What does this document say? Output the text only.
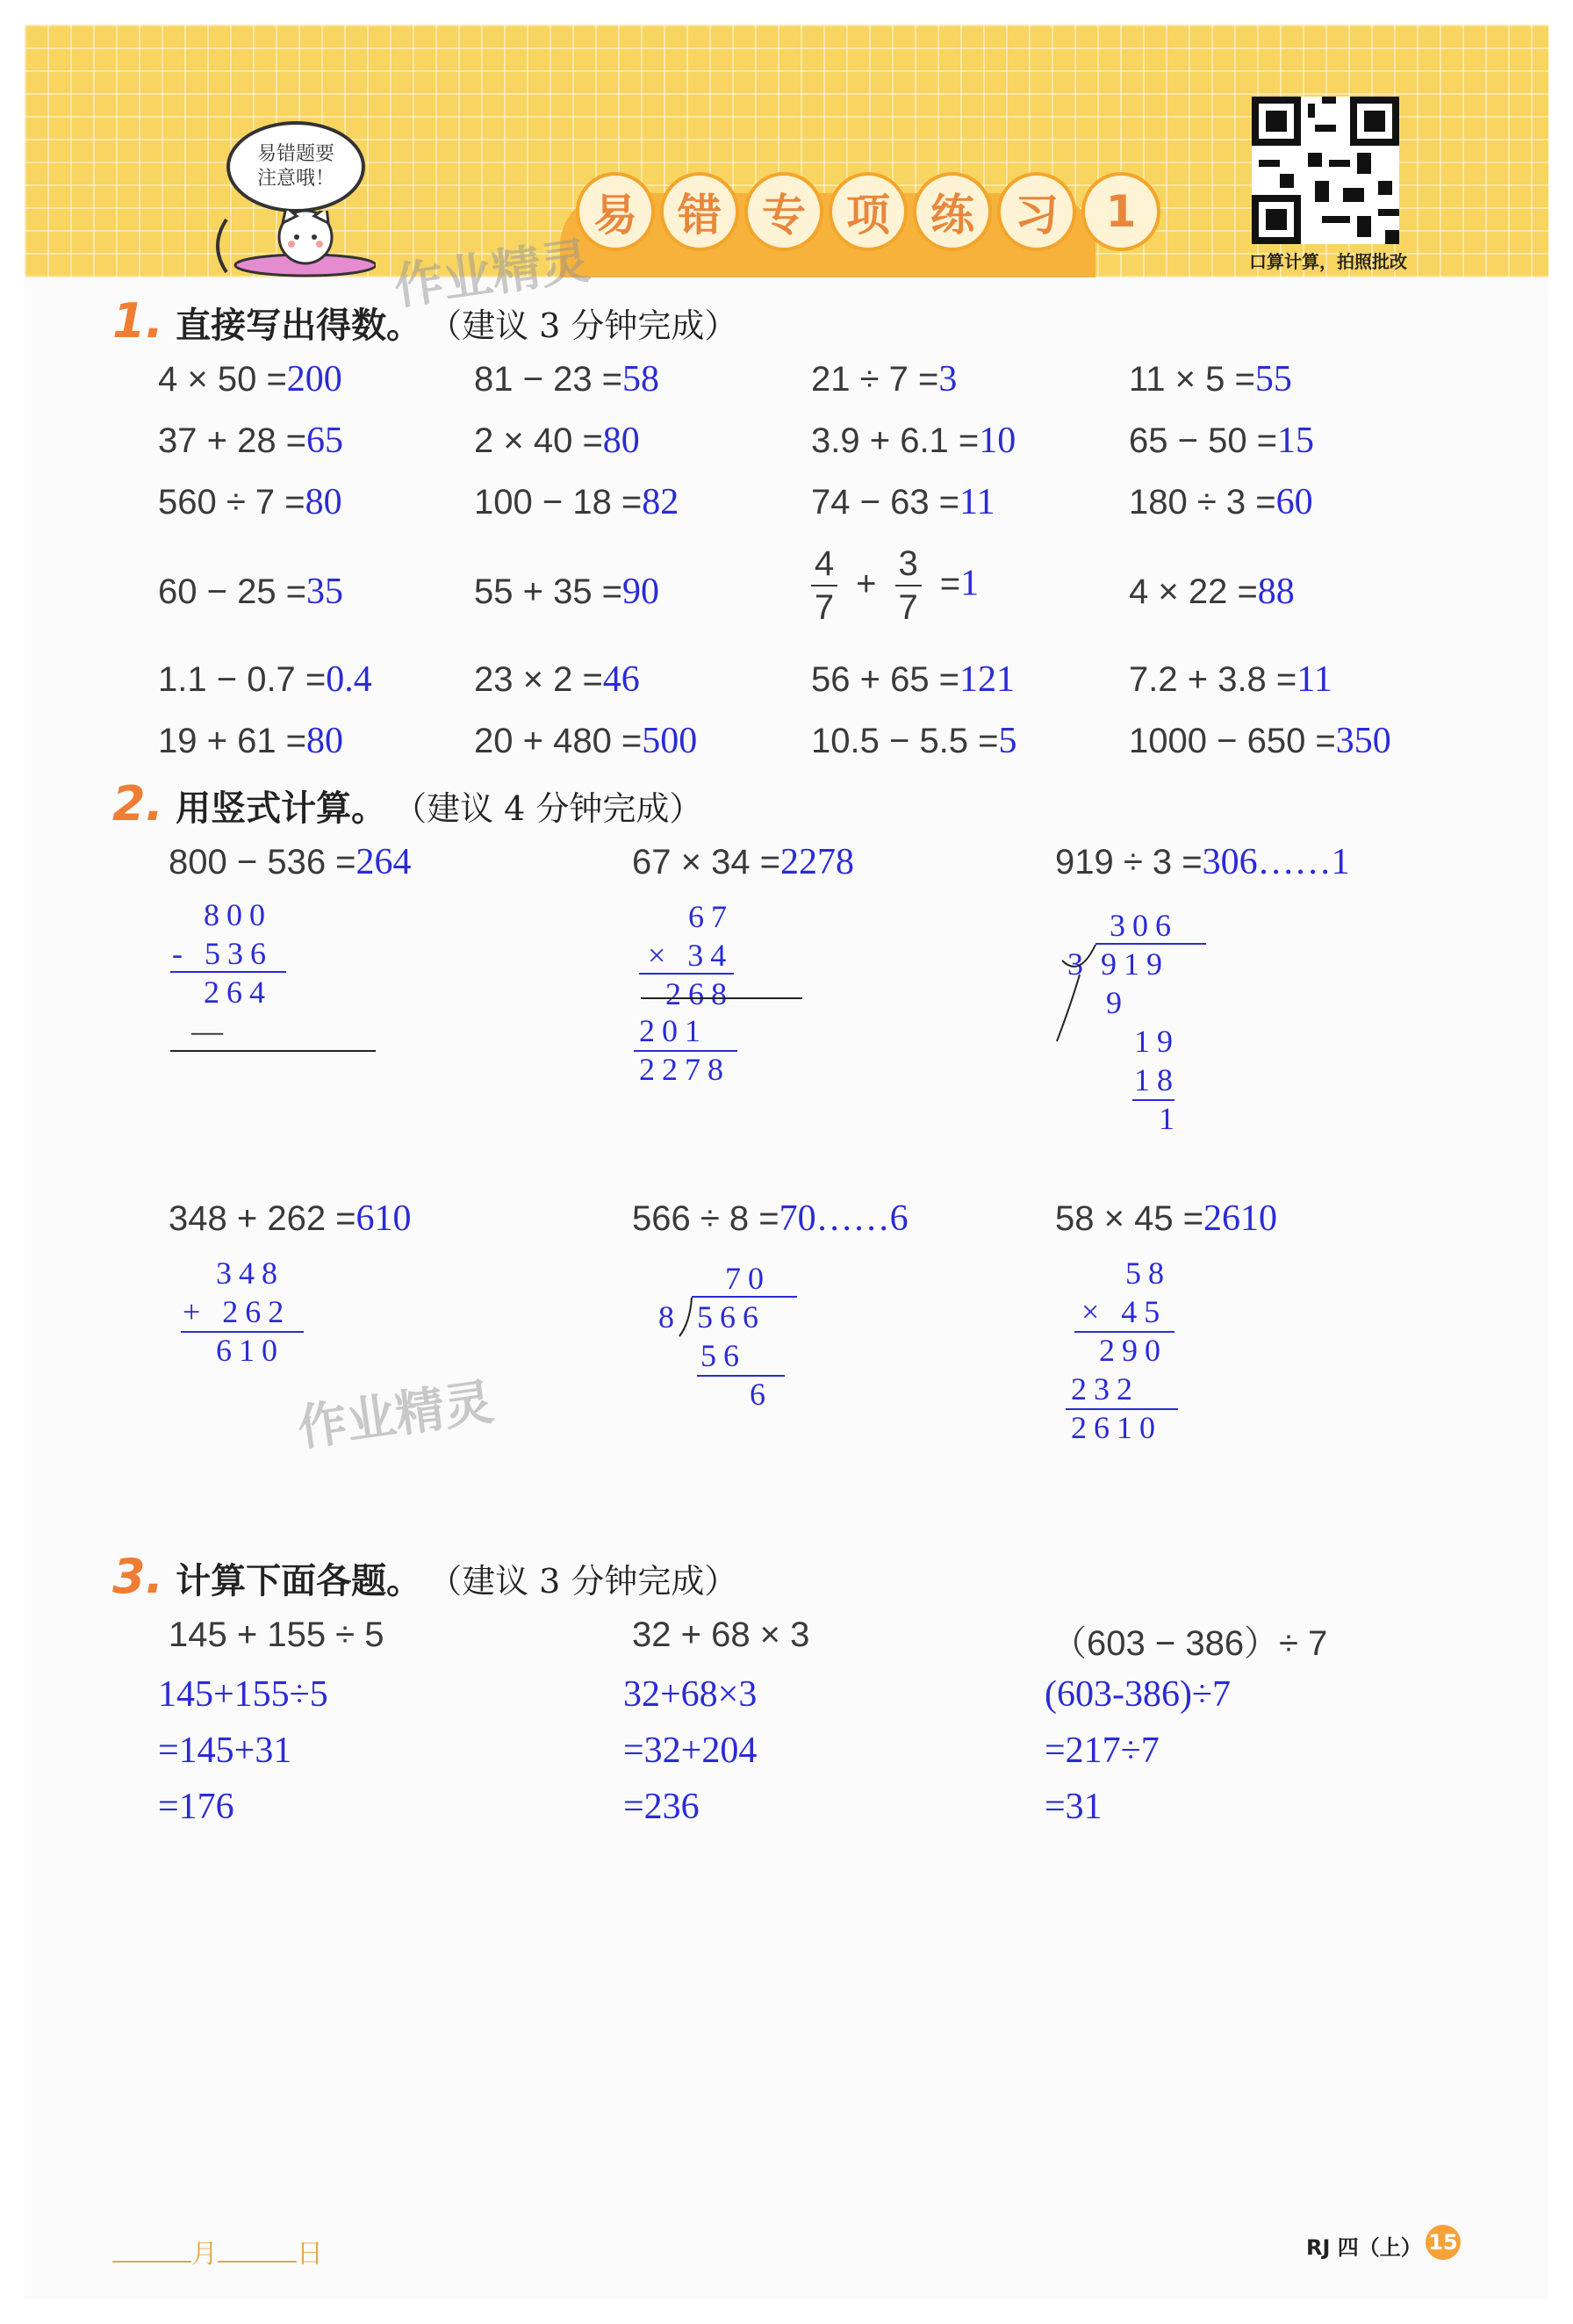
易 错 专 项 练 习	1
易错题要
注意哦！
口算计算，拍照批改
作业精灵
1. 直接写出得数。 （建议 3 分钟完成）
4 × 50 =200	81 − 23 =58	21 ÷ 7 =3	11 × 5 =55
37 + 28 =65	2 × 40 =80	3.9 + 6.1 =10	65 − 50 =15
560 ÷ 7 =80	100 − 18 =82	74 − 63 =11	180 ÷ 3 =60
60 − 25 =35	55 + 35 =90	$\frac{4}{7} + \frac{3}{7} =1$	4 × 22 =88
1.1 − 0.7 =0.4	23 × 2 =46	56 + 65 =121	7.2 + 3.8 =11
19 + 61 =80	20 + 480 =500	10.5 − 5.5 =5	1000 − 650 =350
2. 用竖式计算。 （建议 4 分钟完成）
800 − 536 =264
800
- 536
264
—
67 × 34 =2278
67
× 34
268
201
2278
919 ÷ 3 =306……1
306
3 919
9
19
18
1
348 + 262 =610
348
+ 262
610
作业精灵
566 ÷ 8 =70……6
70
8 566
56
6
58 × 45 =2610
58
× 45
290
232
2610
3. 计算下面各题。 （建议 3 分钟完成）
145 + 155 ÷ 5
145+155÷5
=145+31
=176
32 + 68 × 3
32+68×3
=32+204
=236
（603 − 386）÷ 7
(603-386)÷7
=217÷7
=31
月	日	RJ 四（上） 15
